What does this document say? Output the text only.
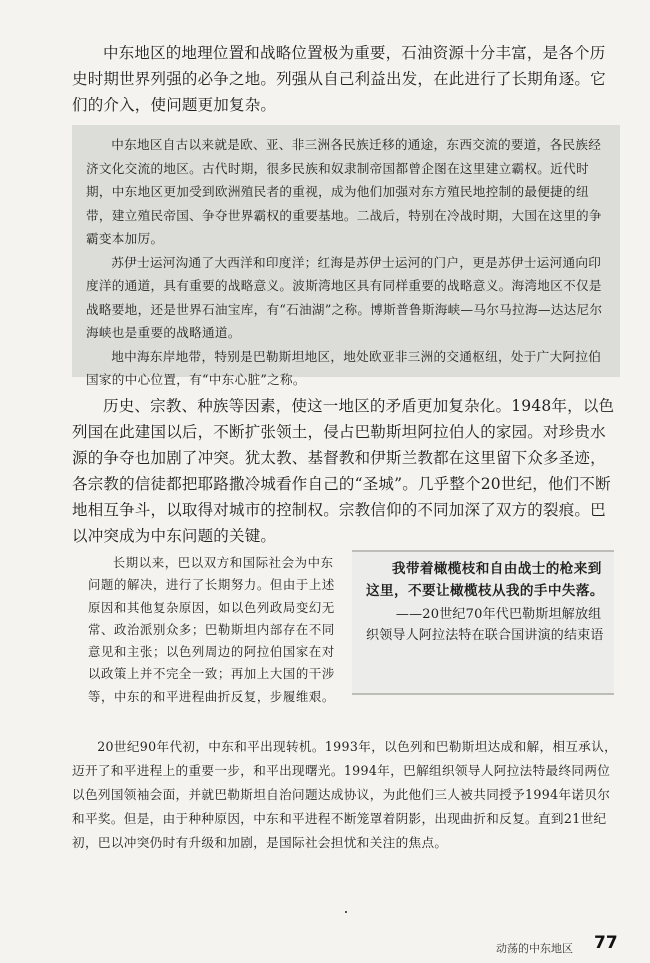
中东地区的地理位置和战略位置极为重要，石油资源十分丰富，是各个历史时期世界列强的必争之地。列强从自己利益出发，在此进行了长期角逐。它们的介入，使问题更加复杂。

中东地区自古以来就是欧、亚、非三洲各民族迁移的通途，东西交流的要道，各民族经济文化交流的地区。古代时期，很多民族和奴隶制帝国都曾企图在这里建立霸权。近代时期，中东地区更加受到欧洲殖民者的重视，成为他们加强对东方殖民地控制的最便捷的纽带，建立殖民帝国、争夺世界霸权的重要基地。二战后，特别在冷战时期，大国在这里的争霸变本加厉。

苏伊士运河沟通了大西洋和印度洋；红海是苏伊士运河的门户，更是苏伊士运河通向印度洋的通道，具有重要的战略意义。波斯湾地区具有同样重要的战略意义。海湾地区不仅是战略要地，还是世界石油宝库，有“石油湖”之称。博斯普鲁斯海峡—马尔马拉海—达达尼尔海峡也是重要的战略通道。

地中海东岸地带，特别是巴勒斯坦地区，地处欧亚非三洲的交通枢纽，处于广大阿拉伯国家的中心位置，有“中东心脏”之称。

历史、宗教、种族等因素，使这一地区的矛盾更加复杂化。1948年，以色列国在此建国以后，不断扩张领土，侵占巴勒斯坦阿拉伯人的家园。对珍贵水源的争夺也加剧了冲突。犹太教、基督教和伊斯兰教都在这里留下众多圣迹，各宗教的信徒都把耶路撒冷城看作自己的“圣城”。几乎整个20世纪，他们不断地相互争斗，以取得对城市的控制权。宗教信仰的不同加深了双方的裂痕。巴以冲突成为中东问题的关键。

长期以来，巴以双方和国际社会为中东问题的解决，进行了长期努力。但由于上述原因和其他复杂原因，如以色列政局变幻无常、政治派别众多；巴勒斯坦内部存在不同意见和主张；以色列周边的阿拉伯国家在对以政策上并不完全一致；再加上大国的干涉等，中东的和平进程曲折反复，步履维艰。

我带着橄榄枝和自由战士的枪来到这里，不要让橄榄枝从我的手中失落。

——20世纪70年代巴勒斯坦解放组织领导人阿拉法特在联合国讲演的结束语

20世纪90年代初，中东和平出现转机。1993年，以色列和巴勒斯坦达成和解，相互承认，迈开了和平进程上的重要一步，和平出现曙光。1994年，巴解组织领导人阿拉法特最终同两位以色列国领袖会面，并就巴勒斯坦自治问题达成协议，为此他们三人被共同授予1994年诺贝尔和平奖。但是，由于种种原因，中东和平进程不断笼罩着阴影，出现曲折和反复。直到21世纪初，巴以冲突仍时有升级和加剧，是国际社会担忧和关注的焦点。

动荡的中东地区 77
